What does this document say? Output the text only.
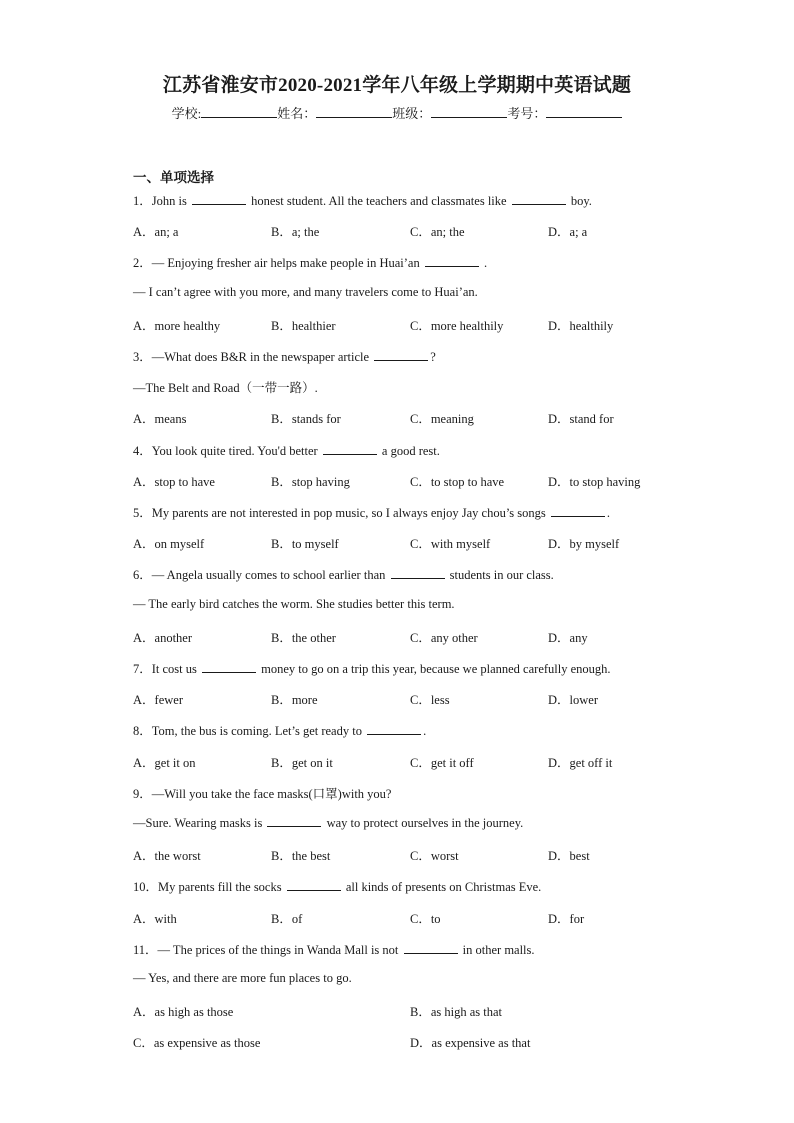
江苏省淮安市2020-2021学年八年级上学期期中英语试题
学校:	姓名：	班级：	考号：
一、单项选择
1．John is	honest student. All the teachers and classmates like	boy.
A．an; a	B．a; the	C．an; the	D．a; a
2．— Enjoying fresher air helps make people in Huai’an	.
— I can’t agree with you more, and many travelers come to Huai’an.
A．more healthy	B．healthier	C．more healthily	D．healthily
3．—What does B&R in the newspaper article	?
—The Belt and Road（一带一路）.
A．means	B．stands for	C．meaning	D．stand for
4．You look quite tired. You'd better	a good rest.
A．stop to have	B．stop having	C．to stop to have	D．to stop having
5．My parents are not interested in pop music, so I always enjoy Jay chou’s songs	.
A．on myself	B．to myself	C．with myself	D．by myself
6．— Angela usually comes to school earlier than	students in our class.
— The early bird catches the worm. She studies better this term.
A．another	B．the other	C．any other	D．any
7．It cost us	money to go on a trip this year, because we planned carefully enough.
A．fewer	B．more	C．less	D．lower
8．Tom, the bus is coming. Let’s get ready to	.
A．get it on	B．get on it	C．get it off	D．get off it
9．—Will you take the face masks(口罩)with you?
—Sure. Wearing masks is	way to protect ourselves in the journey.
A．the worst	B．the best	C．worst	D．best
10．My parents fill the socks	all kinds of presents on Christmas Eve.
A．with	B．of	C．to	D．for
11．— The prices of the things in Wanda Mall is not	in other malls.
— Yes, and there are more fun places to go.
A．as high as those	B．as high as that
C．as expensive as those	D．as expensive as that
